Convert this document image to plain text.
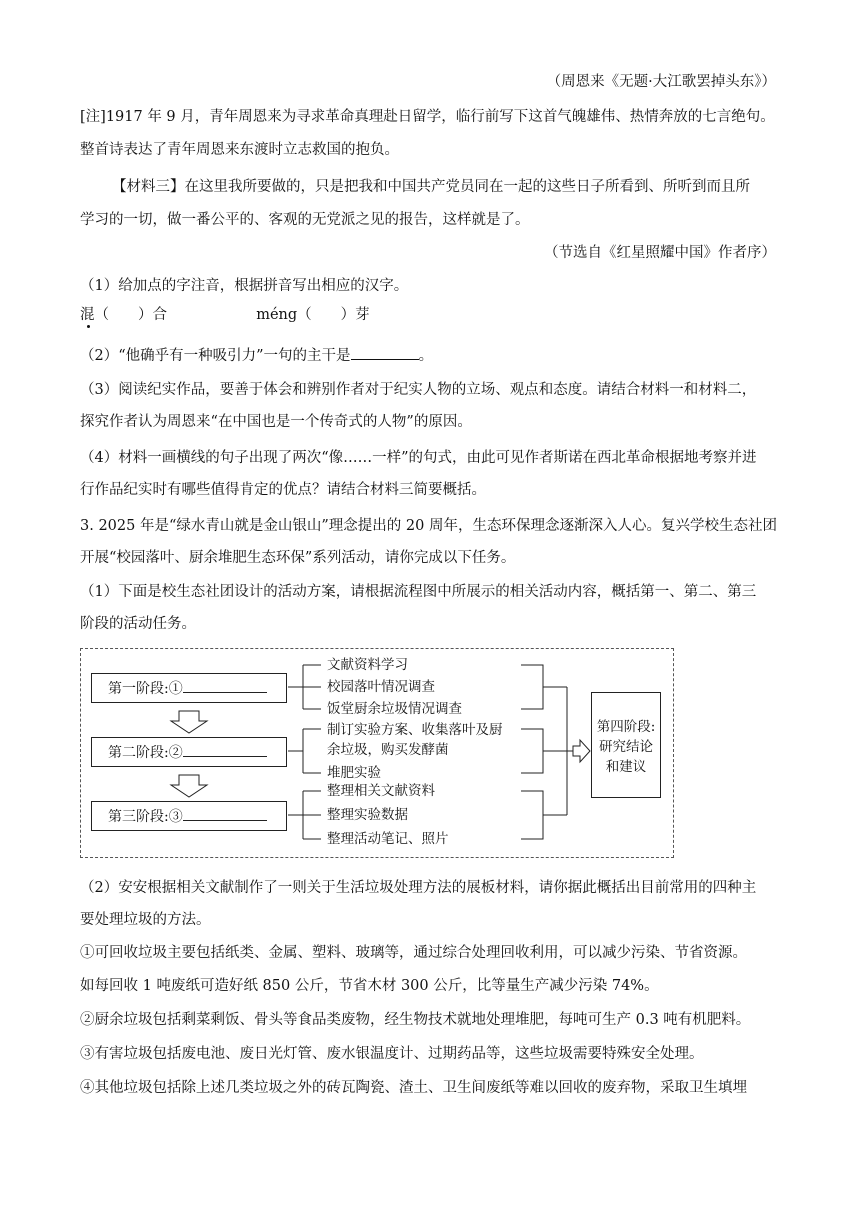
（周恩来《无题·大江歌罢掉头东》）
[注]1917 年 9 月，青年周恩来为寻求革命真理赴日留学，临行前写下这首气魄雄伟、热情奔放的七言绝句。
整首诗表达了青年周恩来东渡时立志救国的抱负。
【材料三】在这里我所要做的，只是把我和中国共产党员同在一起的这些日子所看到、所听到而且所
学习的一切，做一番公平的、客观的无党派之见的报告，这样就是了。
（节选自《红星照耀中国》作者序）
（1）给加点的字注音，根据拼音写出相应的汉字。
混（　　）合	méng（　　）芽
（2）“他确乎有一种吸引力”一句的主干是	。
（3）阅读纪实作品，要善于体会和辨别作者对于纪实人物的立场、观点和态度。请结合材料一和材料二，
探究作者认为周恩来“在中国也是一个传奇式的人物”的原因。
（4）材料一画横线的句子出现了两次“像……一样”的句式，由此可见作者斯诺在西北革命根据地考察并进
行作品纪实时有哪些值得肯定的优点？请结合材料三简要概括。
3. 2025 年是“绿水青山就是金山银山”理念提出的 20 周年，生态环保理念逐渐深入人心。复兴学校生态社团
开展“校园落叶、厨余堆肥生态环保”系列活动，请你完成以下任务。
（1）下面是校生态社团设计的活动方案，请根据流程图中所展示的相关活动内容，概括第一、第二、第三
阶段的活动任务。
第一阶段:①
第二阶段:②
第三阶段:③
文献资料学习
校园落叶情况调查
饭堂厨余垃圾情况调查
制订实验方案、收集落叶及厨
余垃圾，购买发酵菌
堆肥实验
整理相关文献资料
整理实验数据
整理活动笔记、照片
第四阶段:
研究结论
和建议
（2）安安根据相关文献制作了一则关于生活垃圾处理方法的展板材料，请你据此概括出目前常用的四种主
要处理垃圾的方法。
①可回收垃圾主要包括纸类、金属、塑料、玻璃等，通过综合处理回收利用，可以减少污染、节省资源。
如每回收 1 吨废纸可造好纸 850 公斤，节省木材 300 公斤，比等量生产减少污染 74%。
②厨余垃圾包括剩菜剩饭、骨头等食品类废物，经生物技术就地处理堆肥，每吨可生产 0.3 吨有机肥料。
③有害垃圾包括废电池、废日光灯管、废水银温度计、过期药品等，这些垃圾需要特殊安全处理。
④其他垃圾包括除上述几类垃圾之外的砖瓦陶瓷、渣土、卫生间废纸等难以回收的废弃物，采取卫生填埋
